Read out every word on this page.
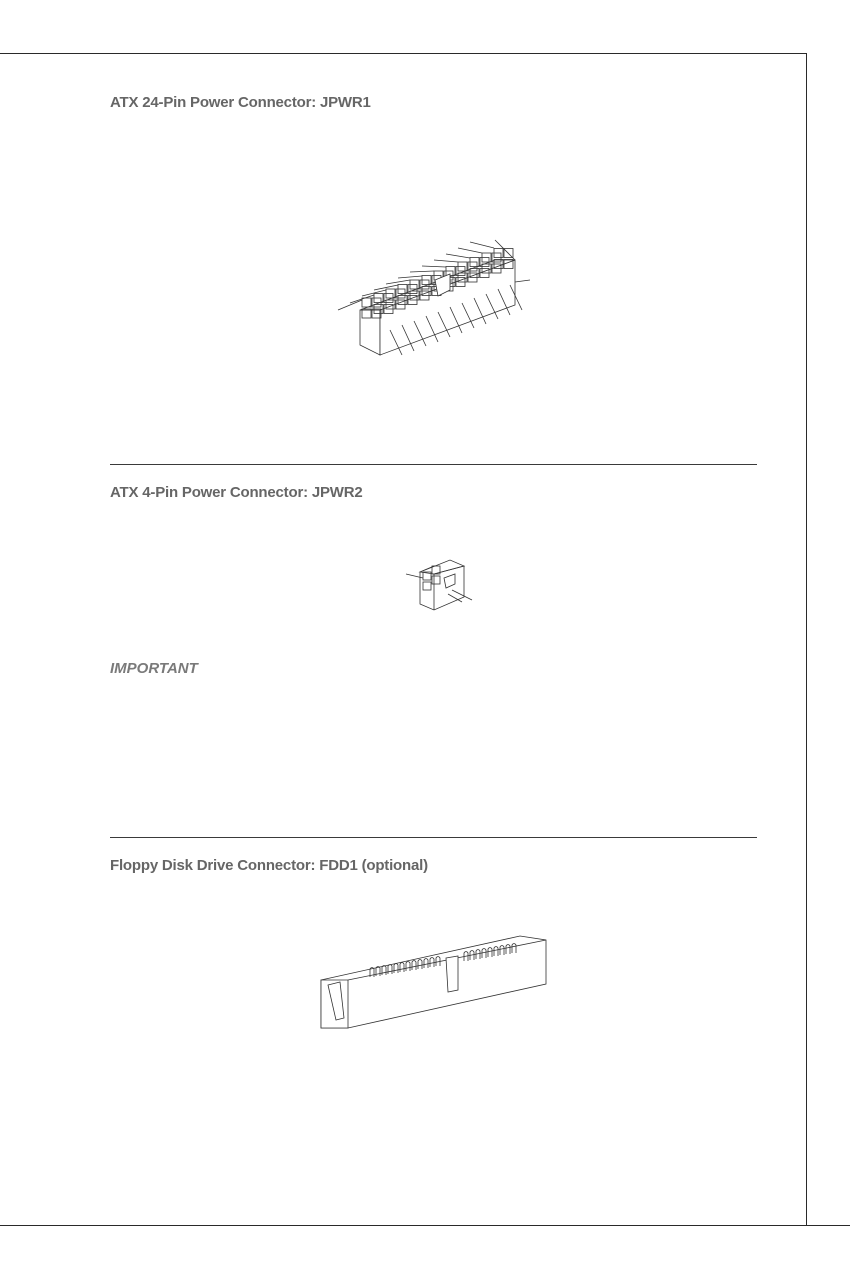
ATX 24-Pin Power Connector: JPWR1
ATX 4-Pin Power Connector: JPWR2
IMPORTANT
Floppy Disk Drive Connector: FDD1 (optional)
